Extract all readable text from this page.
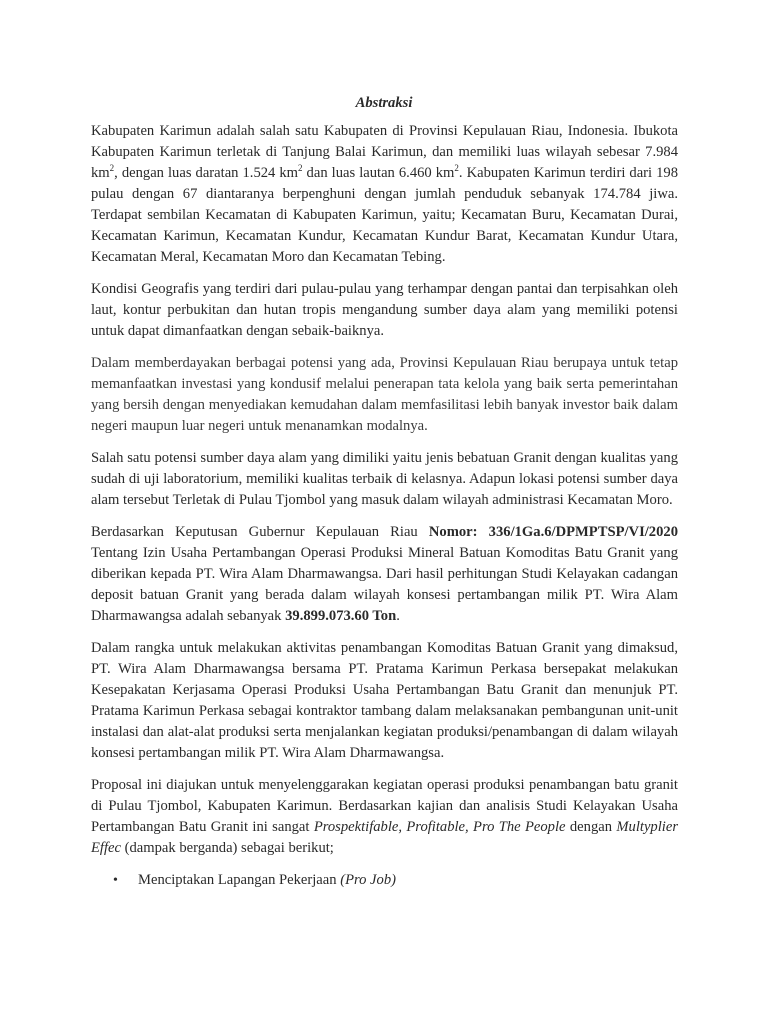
Abstraksi

Kabupaten Karimun adalah salah satu Kabupaten di Provinsi Kepulauan Riau, Indonesia. Ibukota Kabupaten Karimun terletak di Tanjung Balai Karimun, dan memiliki luas wilayah sebesar 7.984 $km^2$, dengan luas daratan 1.524 $km^2$ dan luas lautan 6.460 $km^2$. Kabupaten Karimun terdiri dari 198 pulau dengan 67 diantaranya berpenghuni dengan jumlah penduduk sebanyak 174.784 jiwa. Terdapat sembilan Kecamatan di Kabupaten Karimun, yaitu; Kecamatan Buru, Kecamatan Durai, Kecamatan Karimun, Kecamatan Kundur, Kecamatan Kundur Barat, Kecamatan Kundur Utara, Kecamatan Meral, Kecamatan Moro dan Kecamatan Tebing.

Kondisi Geografis yang terdiri dari pulau-pulau yang terhampar dengan pantai dan terpisahkan oleh laut, kontur perbukitan dan hutan tropis mengandung sumber daya alam yang memiliki potensi untuk dapat dimanfaatkan dengan sebaik-baiknya.

Dalam memberdayakan berbagai potensi yang ada, Provinsi Kepulauan Riau berupaya untuk tetap memanfaatkan investasi yang kondusif melalui penerapan tata kelola yang baik serta pemerintahan yang bersih dengan menyediakan kemudahan dalam memfasilitasi lebih banyak investor baik dalam negeri maupun luar negeri untuk menanamkan modalnya.

Salah satu potensi sumber daya alam yang dimiliki yaitu jenis bebatuan Granit dengan kualitas yang sudah di uji laboratorium, memiliki kualitas terbaik di kelasnya. Adapun lokasi potensi sumber daya alam tersebut Terletak di Pulau Tjombol yang masuk dalam wilayah administrasi Kecamatan Moro.

Berdasarkan Keputusan Gubernur Kepulauan Riau Nomor: 336/1Ga.6/DPMPTSP/VI/2020 Tentang Izin Usaha Pertambangan Operasi Produksi Mineral Batuan Komoditas Batu Granit yang diberikan kepada PT. Wira Alam Dharmawangsa. Dari hasil perhitungan Studi Kelayakan cadangan deposit batuan Granit yang berada dalam wilayah konsesi pertambangan milik PT. Wira Alam Dharmawangsa adalah sebanyak 39.899.073.60 Ton.

Dalam rangka untuk melakukan aktivitas penambangan Komoditas Batuan Granit yang dimaksud, PT. Wira Alam Dharmawangsa bersama PT. Pratama Karimun Perkasa bersepakat melakukan Kesepakatan Kerjasama Operasi Produksi Usaha Pertambangan Batu Granit dan menunjuk PT. Pratama Karimun Perkasa sebagai kontraktor tambang dalam melaksanakan pembangunan unit-unit instalasi dan alat-alat produksi serta menjalankan kegiatan produksi/penambangan di dalam wilayah konsesi pertambangan milik PT. Wira Alam Dharmawangsa.

Proposal ini diajukan untuk menyelenggarakan kegiatan operasi produksi penambangan batu granit di Pulau Tjombol, Kabupaten Karimun. Berdasarkan kajian dan analisis Studi Kelayakan Usaha Pertambangan Batu Granit ini sangat Prospektifable, Profitable, Pro The People dengan Multyplier Effec (dampak berganda) sebagai berikut;

• Menciptakan Lapangan Pekerjaan (Pro Job)
